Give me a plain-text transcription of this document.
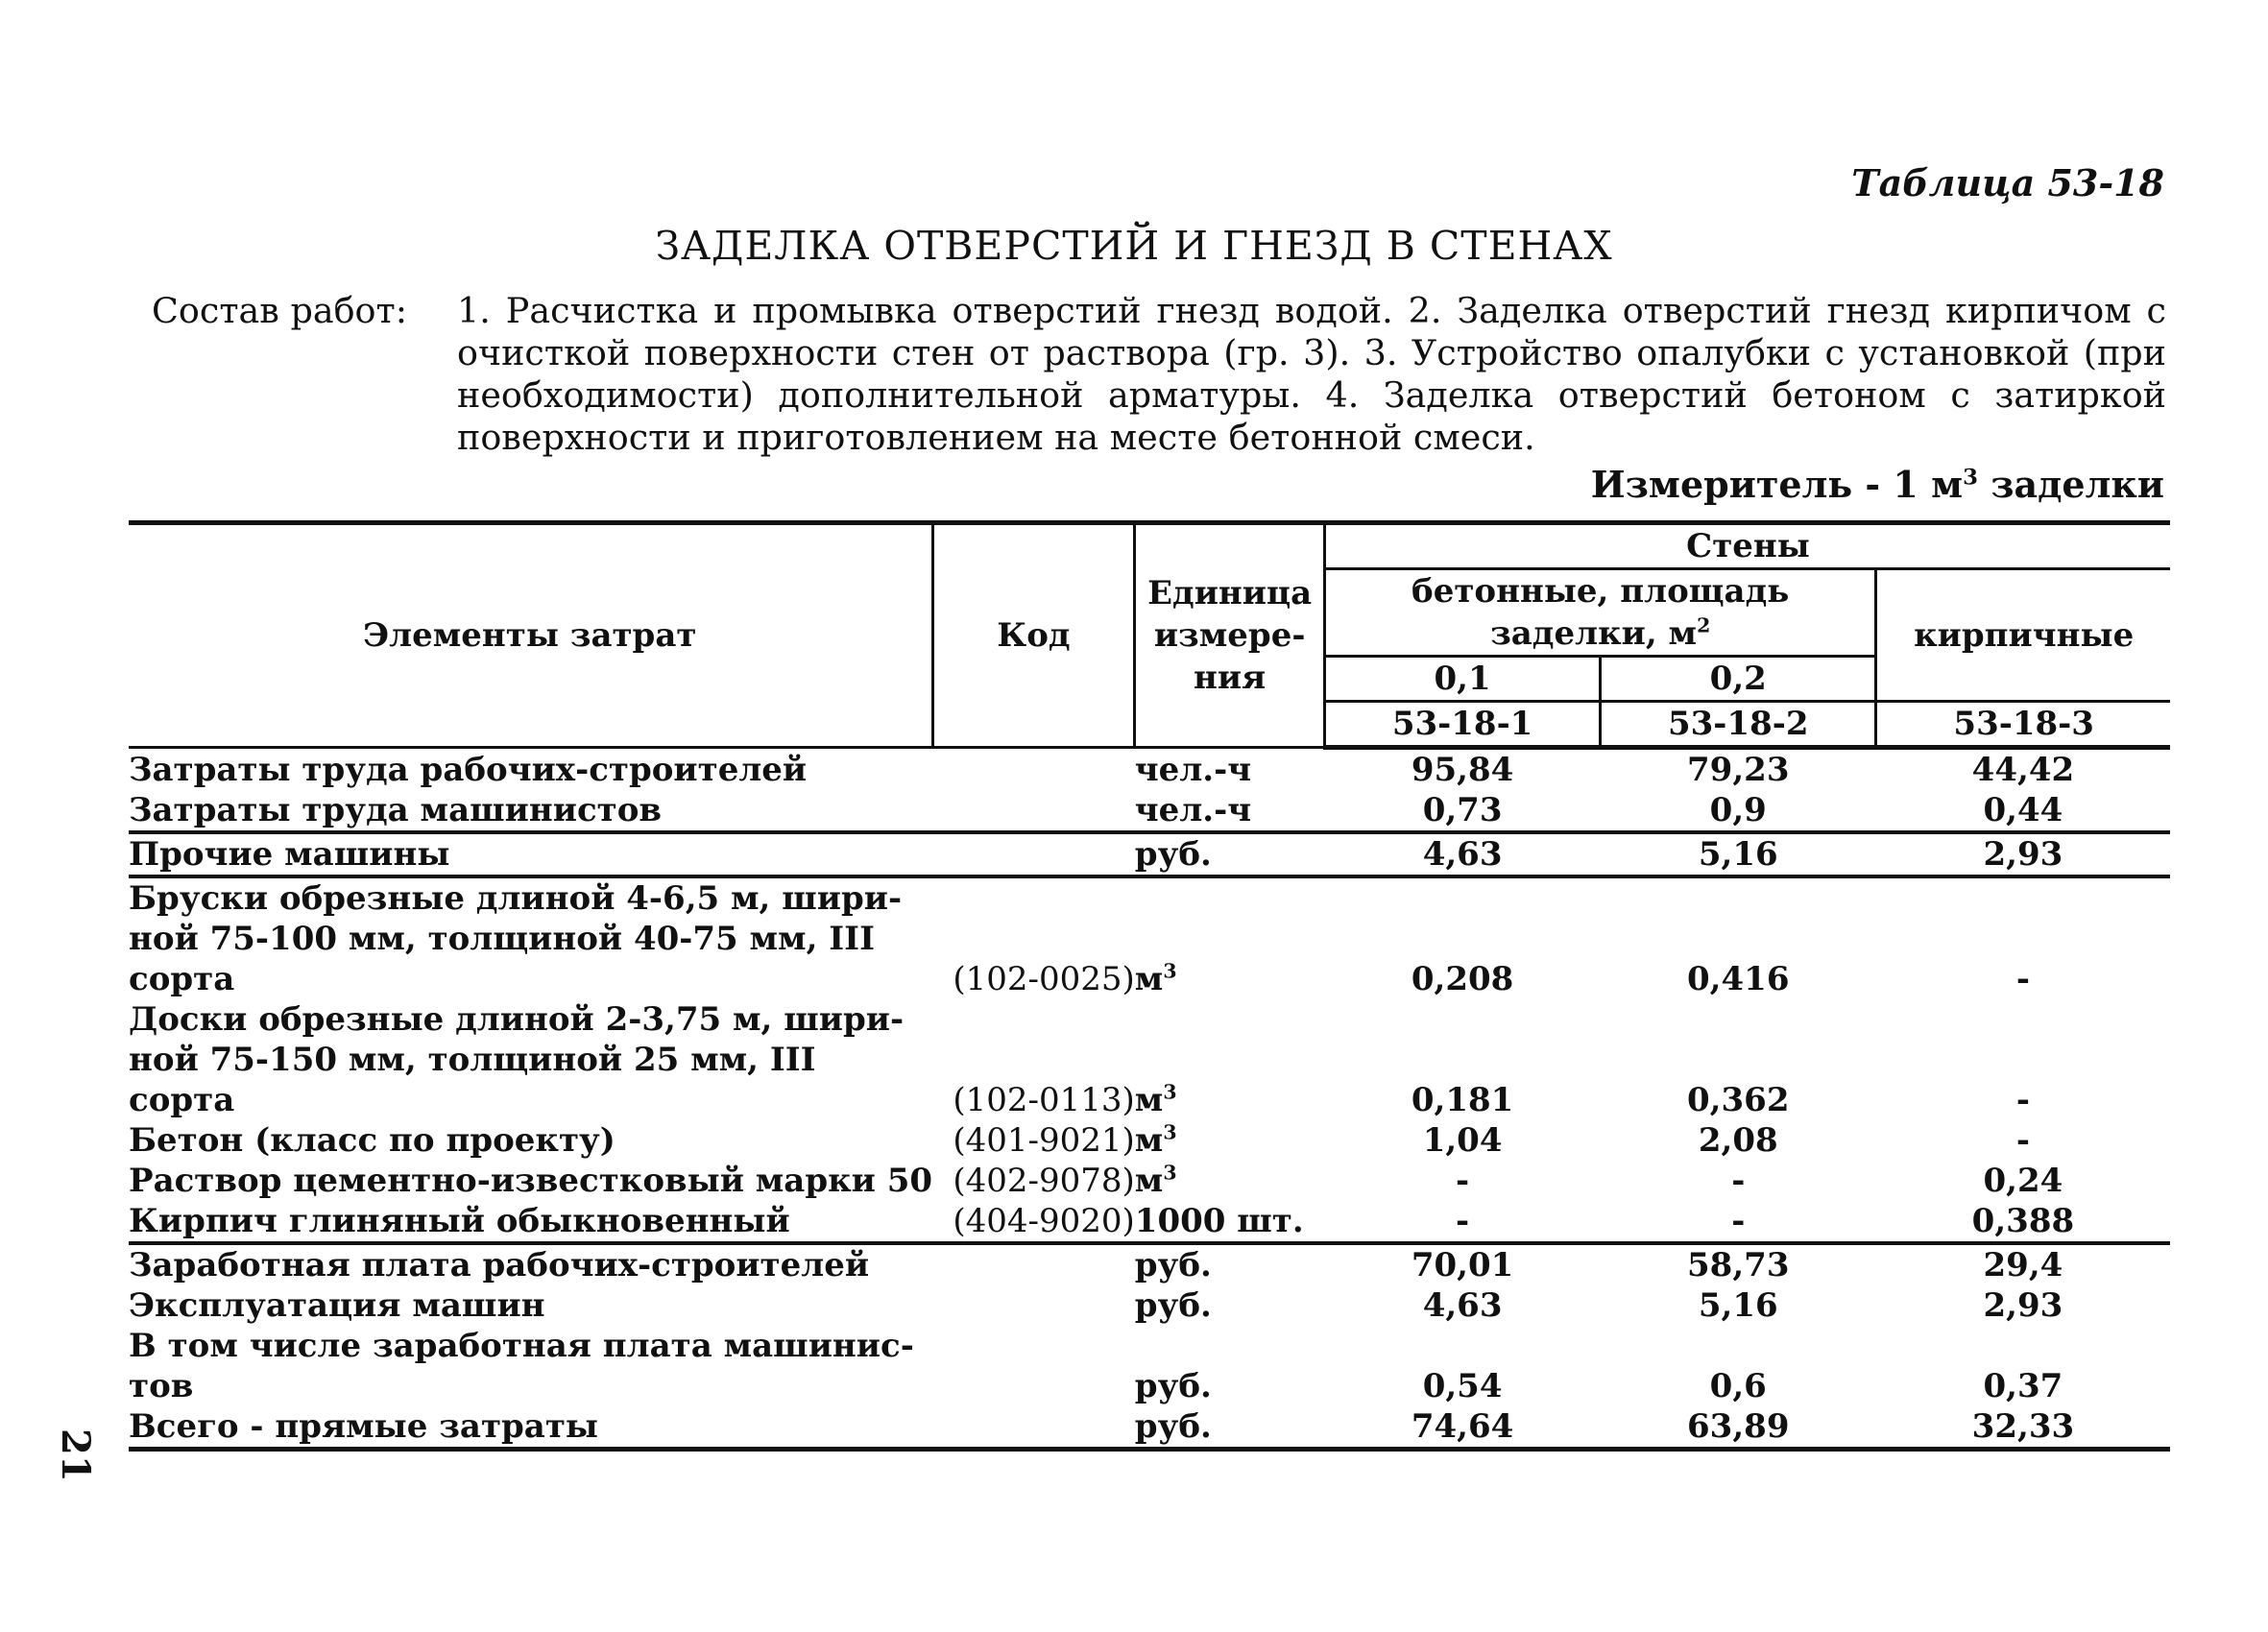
Таблица 53-18

ЗАДЕЛКА ОТВЕРСТИЙ И ГНЕЗД В СТЕНАХ
Состав работ: 1. Расчистка и промывка отверстий гнезд водой. 2. Заделка отверстий гнезд кирпичом с очисткой поверхности стен от раствора (гр. 3). 3. Устройство опалубки с установкой (при необходимости) дополнительной арматуры. 4. Заделка отверстий бетоном с затиркой поверхности и приготовлением на месте бетонной смеси.

Измеритель - 1 $м^3$ заделки

Элементы затрат	Код	Единица измере-ния	Стены		
			бетонные, площадь заделки, $м^2$		кирпичные
			0,1	0,2	
			53-18-1	53-18-2	53-18-3
Затраты труда рабочих-строителей		чел.-ч	95,84	79,23	44,42
Затраты труда машинистов		чел.-ч	0,73	0,9	0,44
Прочие машины		руб.	4,63	5,16	2,93
Бруски обрезные длиной 4-6,5 м, шири-ной 75-100 мм, толщиной 40-75 мм, III сорта	(102-0025)	$м^3$	0,208	0,416	-
Доски обрезные длиной 2-3,75 м, шири-ной 75-150 мм, толщиной 25 мм, III сорта	(102-0113)	$м^3$	0,181	0,362	-
Бетон (класс по проекту)	(401-9021)	$м^3$	1,04	2,08	-
Раствор цементно-известковый марки 50	(402-9078)	$м^3$	-	-	0,24
Кирпич глиняный обыкновенный	(404-9020)	1000 шт.	-	-	0,388
Заработная плата рабочих-строителей		руб.	70,01	58,73	29,4
Эксплуатация машин		руб.	4,63	5,16	2,93
В том числе заработная плата машинис-тов		руб.	0,54	0,6	0,37
Всего - прямые затраты		руб.	74,64	63,89	32,33
21
